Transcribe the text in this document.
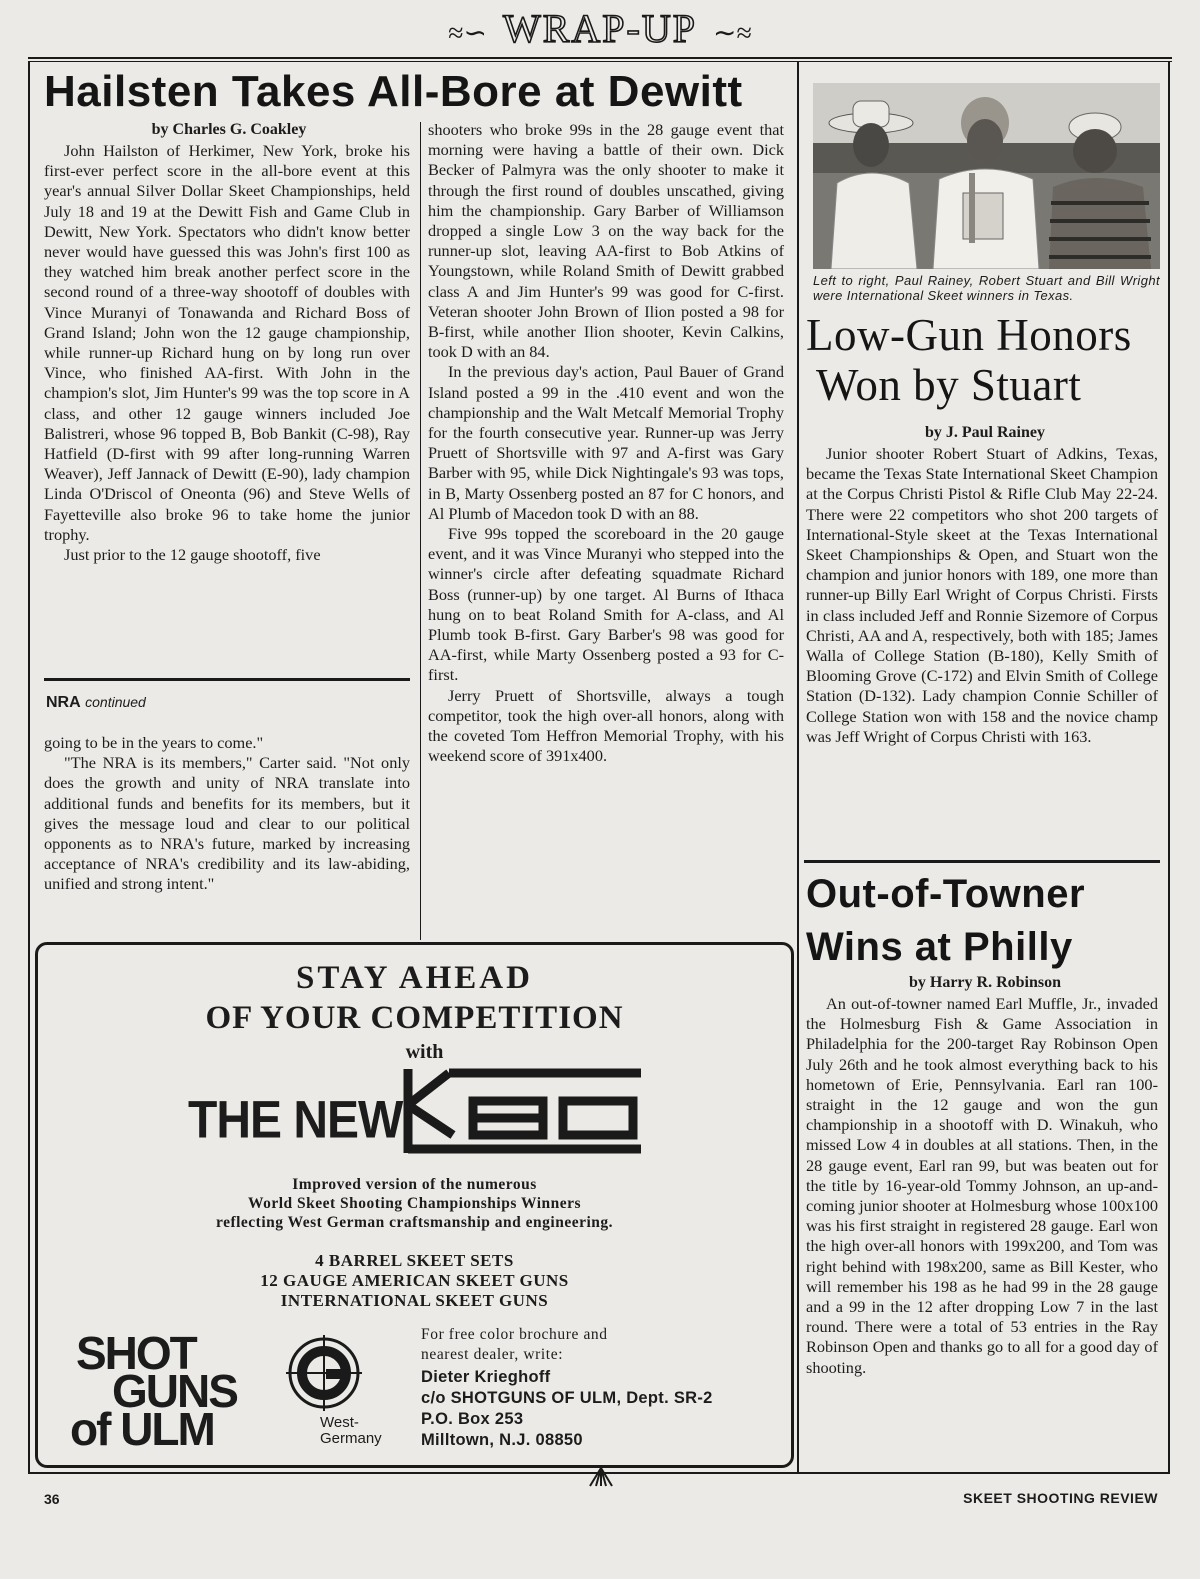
≈∽ WRAP-UP ∼≈
Hailsten Takes All-Bore at Dewitt
by Charles G. Coakley

John Hailston of Herkimer, New York, broke his first-ever perfect score in the all-bore event at this year's annual Silver Dollar Skeet Championships, held July 18 and 19 at the Dewitt Fish and Game Club in Dewitt, New York. Spectators who didn't know better never would have guessed this was John's first 100 as they watched him break another perfect score in the second round of a three-way shootoff of doubles with Vince Muranyi of Tonawanda and Richard Boss of Grand Island; John won the 12 gauge championship, while runner-up Richard hung on by long run over Vince, who finished AA-first. With John in the champion's slot, Jim Hunter's 99 was the top score in A class, and other 12 gauge winners included Joe Balistreri, whose 96 topped B, Bob Bankit (C-98), Ray Hatfield (D-first with 99 after long-running Warren Weaver), Jeff Jannack of Dewitt (E-90), lady champion Linda O'Driscol of Oneonta (96) and Steve Wells of Fayetteville also broke 96 to take home the junior trophy.

Just prior to the 12 gauge shootoff, five

NRA continued

going to be in the years to come."

"The NRA is its members," Carter said. "Not only does the growth and unity of NRA translate into additional funds and benefits for its members, but it gives the message loud and clear to our political opponents as to NRA's future, marked by increasing acceptance of NRA's credibility and its law-abiding, unified and strong intent."

shooters who broke 99s in the 28 gauge event that morning were having a battle of their own. Dick Becker of Palmyra was the only shooter to make it through the first round of doubles unscathed, giving him the championship. Gary Barber of Williamson dropped a single Low 3 on the way back for the runner-up slot, leaving AA-first to Bob Atkins of Youngstown, while Roland Smith of Dewitt grabbed class A and Jim Hunter's 99 was good for C-first. Veteran shooter John Brown of Ilion posted a 98 for B-first, while another Ilion shooter, Kevin Calkins, took D with an 84.

In the previous day's action, Paul Bauer of Grand Island posted a 99 in the .410 event and won the championship and the Walt Metcalf Memorial Trophy for the fourth consecutive year. Runner-up was Jerry Pruett of Shortsville with 97 and A-first was Gary Barber with 95, while Dick Nightingale's 93 was tops, in B, Marty Ossenberg posted an 87 for C honors, and Al Plumb of Macedon took D with an 88.

Five 99s topped the scoreboard in the 20 gauge event, and it was Vince Muranyi who stepped into the winner's circle after defeating squadmate Richard Boss (runner-up) by one target. Al Burns of Ithaca hung on to beat Roland Smith for A-class, and Al Plumb took B-first. Gary Barber's 98 was good for AA-first, while Marty Ossenberg posted a 93 for C-first.

Jerry Pruett of Shortsville, always a tough competitor, took the high over-all honors, along with the coveted Tom Heffron Memorial Trophy, with his weekend score of 391x400.

Left to right, Paul Rainey, Robert Stuart and Bill Wright were International Skeet winners in Texas.
Low-Gun Honors
Won by Stuart
by J. Paul Rainey

Junior shooter Robert Stuart of Adkins, Texas, became the Texas State International Skeet Champion at the Corpus Christi Pistol & Rifle Club May 22-24. There were 22 competitors who shot 200 targets of International-Style skeet at the Texas International Skeet Championships & Open, and Stuart won the champion and junior honors with 189, one more than runner-up Billy Earl Wright of Corpus Christi. Firsts in class included Jeff and Ronnie Sizemore of Corpus Christi, AA and A, respectively, both with 185; James Walla of College Station (B-180), Kelly Smith of Blooming Grove (C-172) and Elvin Smith of College Station (D-132). Lady champion Connie Schiller of College Station won with 158 and the novice champ was Jeff Wright of Corpus Christi with 163.

Out-of-Towner
Wins at Philly
by Harry R. Robinson

An out-of-towner named Earl Muffle, Jr., invaded the Holmesburg Fish & Game Association in Philadelphia for the 200-target Ray Robinson Open July 26th and he took almost everything back to his hometown of Erie, Pennsylvania. Earl ran 100-straight in the 12 gauge and won the gun championship in a shootoff with D. Winakuh, who missed Low 4 in doubles at all stations. Then, in the 28 gauge event, Earl ran 99, but was beaten out for the title by 16-year-old Tommy Johnson, an up-and-coming junior shooter at Holmesburg whose 100x100 was his first straight in registered 28 gauge. Earl won the high over-all honors with 199x200, and Tom was right behind with 198x200, same as Bill Kester, who will remember his 198 as he had 99 in the 28 gauge and a 99 in the 12 after dropping Low 7 in the last round. There were a total of 53 entries in the Ray Robinson Open and thanks go to all for a good day of shooting.

STAY AHEAD
OF YOUR COMPETITION
with
THE NEW
Improved version of the numerous
World Skeet Shooting Championships Winners
reflecting West German craftsmanship and engineering.
4 BARREL SKEET SETS
12 GAUGE AMERICAN SKEET GUNS
INTERNATIONAL SKEET GUNS
SHOT
GUNS
of ULM	West-
Germany
For free color brochure and
nearest dealer, write:
Dieter Krieghoff
c/o SHOTGUNS OF ULM, Dept. SR-2
P.O. Box 253
Milltown, N.J. 08850
36	SKEET SHOOTING REVIEW
